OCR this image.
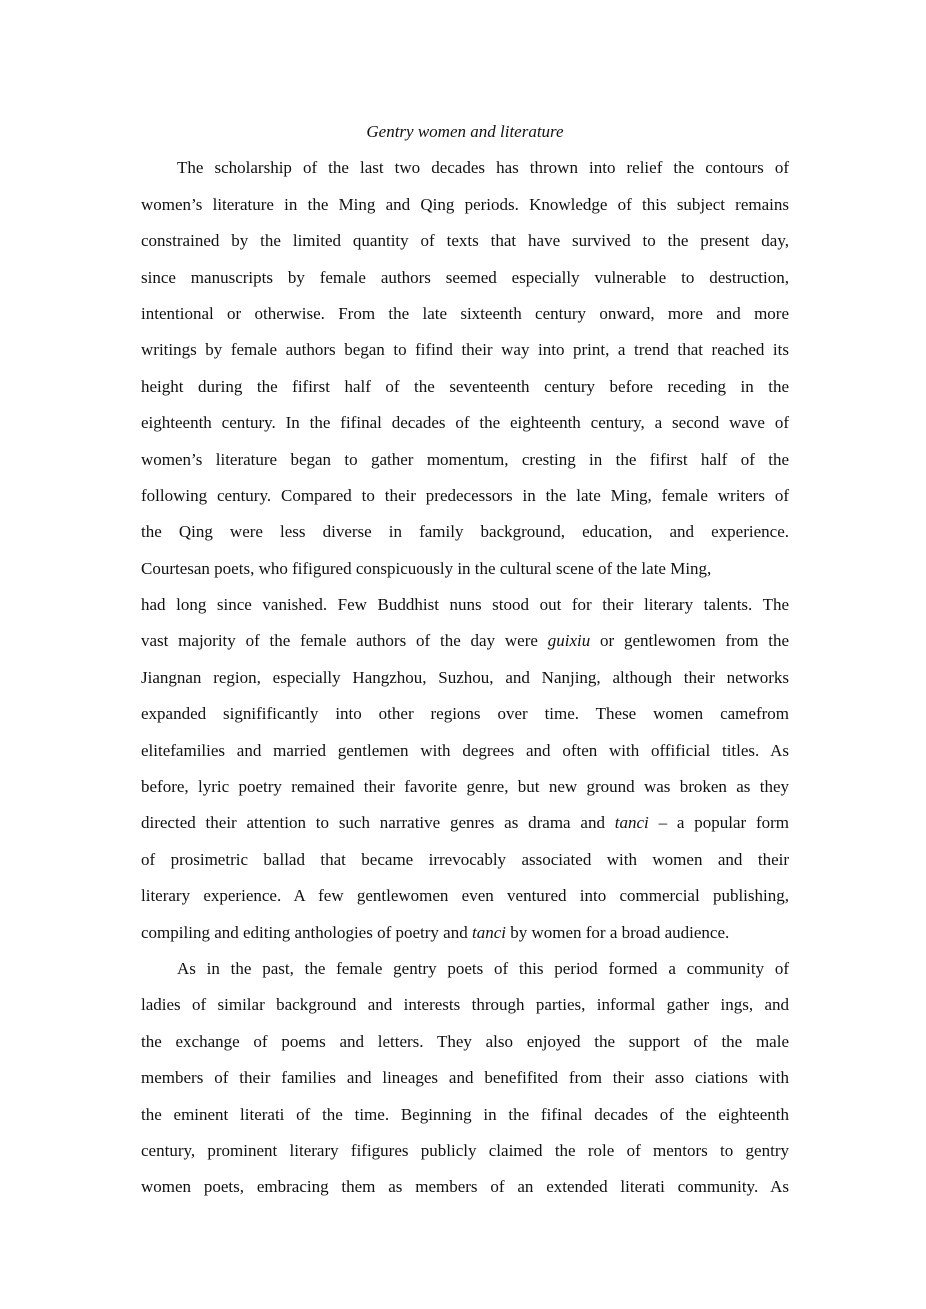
Gentry women and literature

The scholarship of the last two decades has thrown into relief the contours of
women’s literature in the Ming and Qing periods. Knowledge of this subject remains
constrained by the limited quantity of texts that have survived to the present day,
since manuscripts by female authors seemed especially vulnerable to destruction,
intentional or otherwise. From the late sixteenth century onward, more and more
writings by female authors began to fifind their way into print, a trend that reached its
height during the fifirst half of the seventeenth century before receding in the
eighteenth century. In the fifinal decades of the eighteenth century, a second wave of
women’s literature began to gather momentum, cresting in the fifirst half of the
following century. Compared to their predecessors in the late Ming, female writers of
the Qing were less diverse in family background, education, and experience.
Courtesan poets, who fifigured conspicuously in the cultural scene of the late Ming,
had long since vanished. Few Buddhist nuns stood out for their literary talents. The
vast majority of the female authors of the day were guixiu or gentlewomen from the
Jiangnan region, especially Hangzhou, Suzhou, and Nanjing, although their networks
expanded signifificantly into other regions over time. These women camefrom
elitefamilies and married gentlemen with degrees and often with offificial titles. As
before, lyric poetry remained their favorite genre, but new ground was broken as they
directed their attention to such narrative genres as drama and tanci – a popular form
of prosimetric ballad that became irrevocably associated with women and their
literary experience. A few gentlewomen even ventured into commercial publishing,
compiling and editing anthologies of poetry and tanci by women for a broad audience.
As in the past, the female gentry poets of this period formed a community of
ladies of similar background and interests through parties, informal gather ings, and
the exchange of poems and letters. They also enjoyed the support of the male
members of their families and lineages and benefifited from their asso ciations with
the eminent literati of the time. Beginning in the fifinal decades of the eighteenth
century, prominent literary fifigures publicly claimed the role of mentors to gentry
women poets, embracing them as members of an extended literati community. As
